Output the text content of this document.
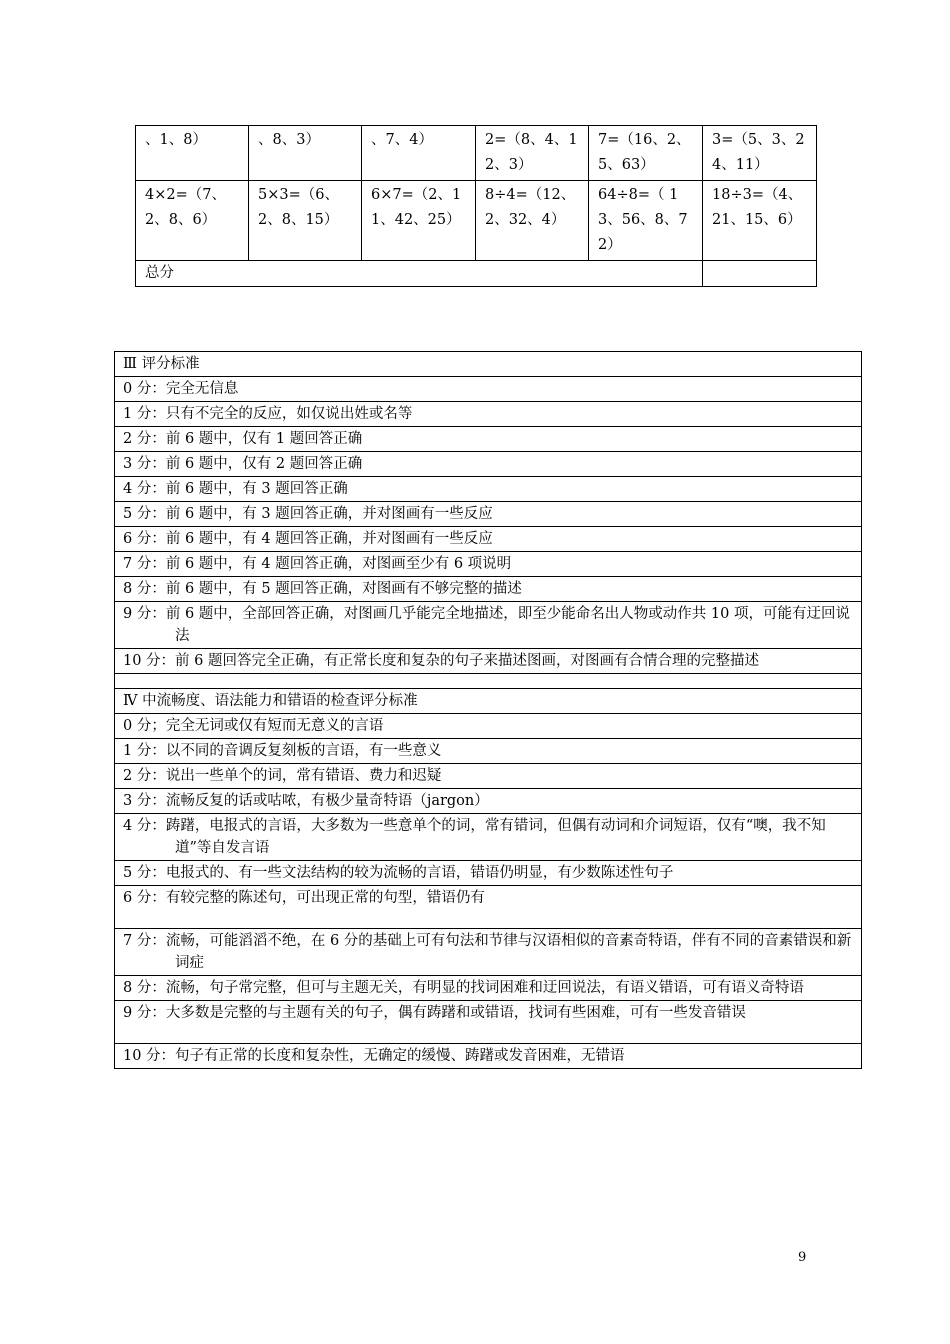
、1、8）	、8、3）	、7、4）	2=（8、4、12、3）	7=（16、2、5、63）	3=（5、3、24、11）
4×2=（7、2、8、6）	5×3=（6、2、8、15）	6×7=（2、11、42、25）	8÷4=（12、2、32、4）	64÷8=（ 13、56、8、72）	18÷3=（4、21、15、6）
总分					
Ⅲ 评分标准

0 分：完全无信息

1 分：只有不完全的反应，如仅说出姓或名等

2 分：前 6 题中，仅有 1 题回答正确

3 分：前 6 题中，仅有 2 题回答正确

4 分：前 6 题中，有 3 题回答正确

5 分：前 6 题中，有 3 题回答正确，并对图画有一些反应

6 分：前 6 题中，有 4 题回答正确，并对图画有一些反应

7 分：前 6 题中，有 4 题回答正确，对图画至少有 6 项说明

8 分：前 6 题中，有 5 题回答正确，对图画有不够完整的描述

9 分：前 6 题中，全部回答正确，对图画几乎能完全地描述，即至少能命名出人物或动作共 10 项，可能有迂回说法

10 分：前 6 题回答完全正确，有正常长度和复杂的句子来描述图画，对图画有合情合理的完整描述

Ⅳ 中流畅度、语法能力和错语的检查评分标准

0 分；完全无词或仅有短而无意义的言语

1 分：以不同的音调反复刻板的言语，有一些意义

2 分：说出一些单个的词，常有错语、费力和迟疑

3 分：流畅反复的话或咕哝，有极少量奇特语（jargon）

4 分：踌躇，电报式的言语，大多数为一些意单个的词，常有错词，但偶有动词和介词短语，仅有“噢，我不知道”等自发言语

5 分：电报式的、有一些文法结构的较为流畅的言语，错语仍明显，有少数陈述性句子

6 分：有较完整的陈述句，可出现正常的句型，错语仍有

7 分：流畅，可能滔滔不绝，在 6 分的基础上可有句法和节律与汉语相似的音素奇特语，伴有不同的音素错误和新词症

8 分：流畅，句子常完整，但可与主题无关，有明显的找词困难和迂回说法，有语义错语，可有语义奇特语

9 分：大多数是完整的与主题有关的句子，偶有踌躇和或错语，找词有些困难，可有一些发音错误

10 分：句子有正常的长度和复杂性，无确定的缓慢、踌躇或发音困难，无错语
9
